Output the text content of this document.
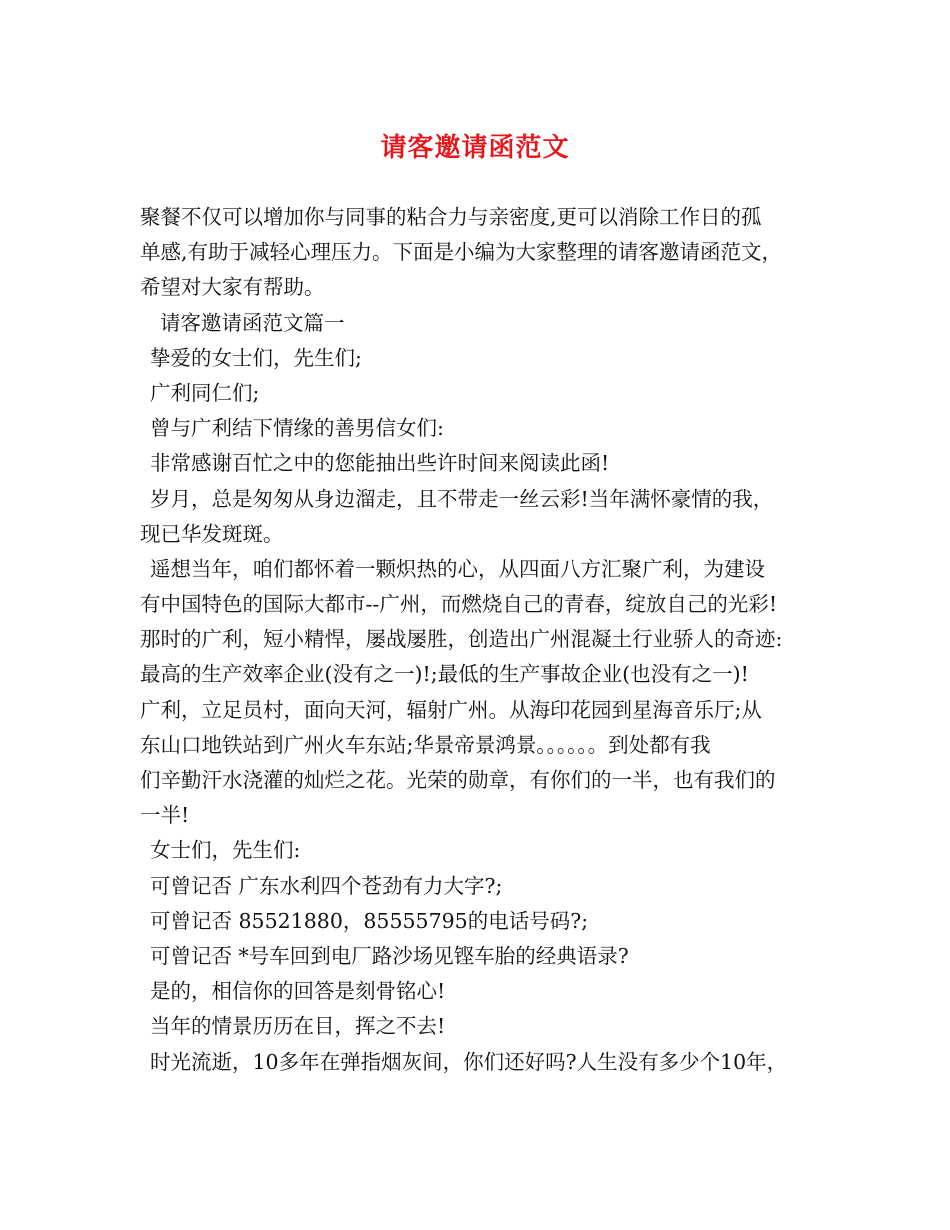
请客邀请函范文
聚餐不仅可以增加你与同事的粘合力与亲密度,更可以消除工作日的孤
单感,有助于减轻心理压力。下面是小编为大家整理的请客邀请函范文，
希望对大家有帮助。
请客邀请函范文篇一
挚爱的女士们，先生们;
广利同仁们;
曾与广利结下情缘的善男信女们:
非常感谢百忙之中的您能抽出些许时间来阅读此函!
岁月，总是匆匆从身边溜走，且不带走一丝云彩!当年满怀豪情的我，
现已华发斑斑。
遥想当年，咱们都怀着一颗炽热的心，从四面八方汇聚广利，为建设
有中国特色的国际大都市--广州，而燃烧自己的青春，绽放自己的光彩!
那时的广利，短小精悍，屡战屡胜，创造出广州混凝土行业骄人的奇迹:
最高的生产效率企业(没有之一)!;最低的生产事故企业(也没有之一)!
广利，立足员村，面向天河，辐射广州。从海印花园到星海音乐厅;从
东山口地铁站到广州火车东站;华景帝景鸿景。。。。。。到处都有我
们辛勤汗水浇灌的灿烂之花。光荣的勋章，有你们的一半，也有我们的
一半!
女士们，先生们:
可曾记否 广东水利四个苍劲有力大字?;
可曾记否 85521880，85555795的电话号码?;
可曾记否 *号车回到电厂路沙场见铿车胎的经典语录?
是的，相信你的回答是刻骨铭心!
当年的情景历历在目，挥之不去!
时光流逝，10多年在弹指烟灰间，你们还好吗?人生没有多少个10年，
